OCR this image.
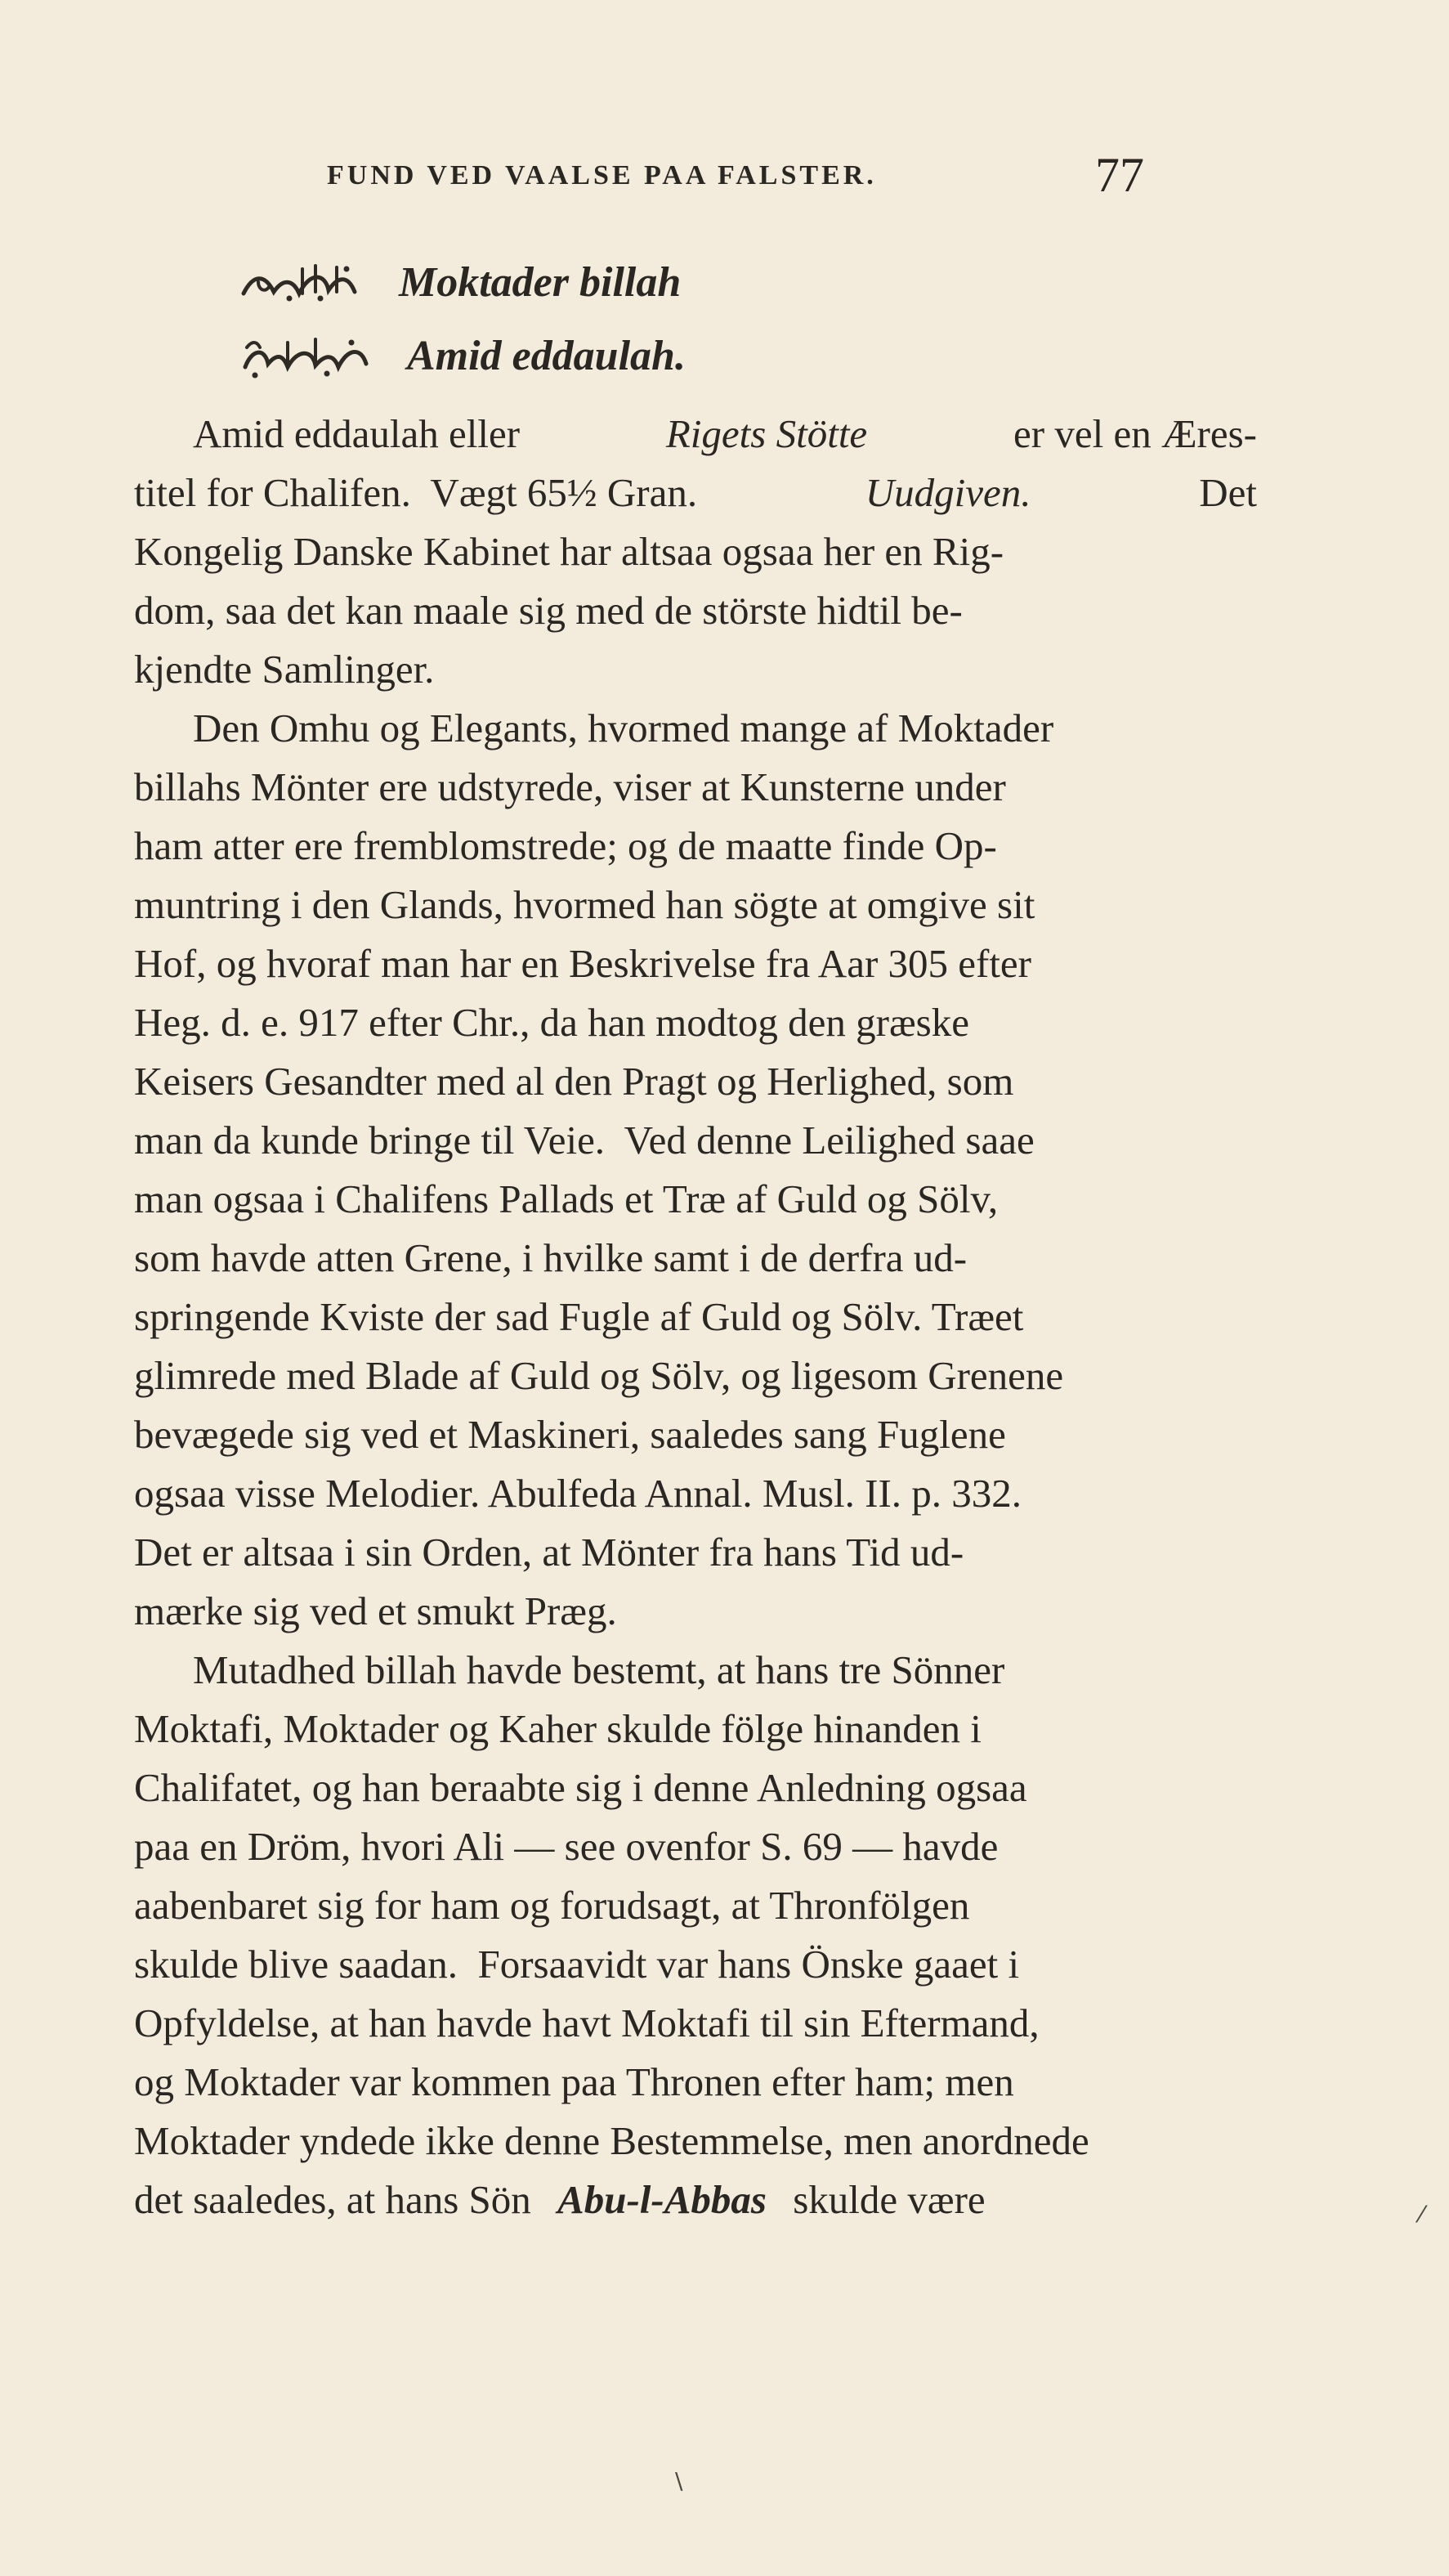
FUND VED VAALSE PAA FALSTER.	77
Moktader billah
Amid eddaulah.
Amid eddaulah eller	Rigets Stötte	er vel en Æres-
titel for Chalifen.  Vægt 65½ Gran.	Uudgiven.	Det
Kongelig Danske Kabinet har altsaa ogsaa her en Rig-
dom, saa det kan maale sig med de störste hidtil be-
kjendte Samlinger.
Den Omhu og Elegants, hvormed mange af Moktader
billahs Mönter ere udstyrede, viser at Kunsterne under
ham atter ere fremblomstrede; og de maatte finde Op-
muntring i den Glands, hvormed han sögte at omgive sit
Hof, og hvoraf man har en Beskrivelse fra Aar 305 efter
Heg. d. e. 917 efter Chr., da han modtog den græske
Keisers Gesandter med al den Pragt og Herlighed, som
man da kunde bringe til Veie.  Ved denne Leilighed saae
man ogsaa i Chalifens Pallads et Træ af Guld og Sölv,
som havde atten Grene, i hvilke samt i de derfra ud-
springende Kviste der sad Fugle af Guld og Sölv. Træet
glimrede med Blade af Guld og Sölv, og ligesom Grenene
bevægede sig ved et Maskineri, saaledes sang Fuglene
ogsaa visse Melodier. Abulfeda Annal. Musl. II. p. 332.
Det er altsaa i sin Orden, at Mönter fra hans Tid ud-
mærke sig ved et smukt Præg.
Mutadhed billah havde bestemt, at hans tre Sönner
Moktafi, Moktader og Kaher skulde fölge hinanden i
Chalifatet, og han beraabte sig i denne Anledning ogsaa
paa en Dröm, hvori Ali — see ovenfor S. 69 — havde
aabenbaret sig for ham og forudsagt, at Thronfölgen
skulde blive saadan.  Forsaavidt var hans Önske gaaet i
Opfyldelse, at han havde havt Moktafi til sin Eftermand,
og Moktader var kommen paa Thronen efter ham; men
Moktader yndede ikke denne Bestemmelse, men anordnede
det saaledes, at hans Sön Abu-l-Abbas skulde være	⁄
\
